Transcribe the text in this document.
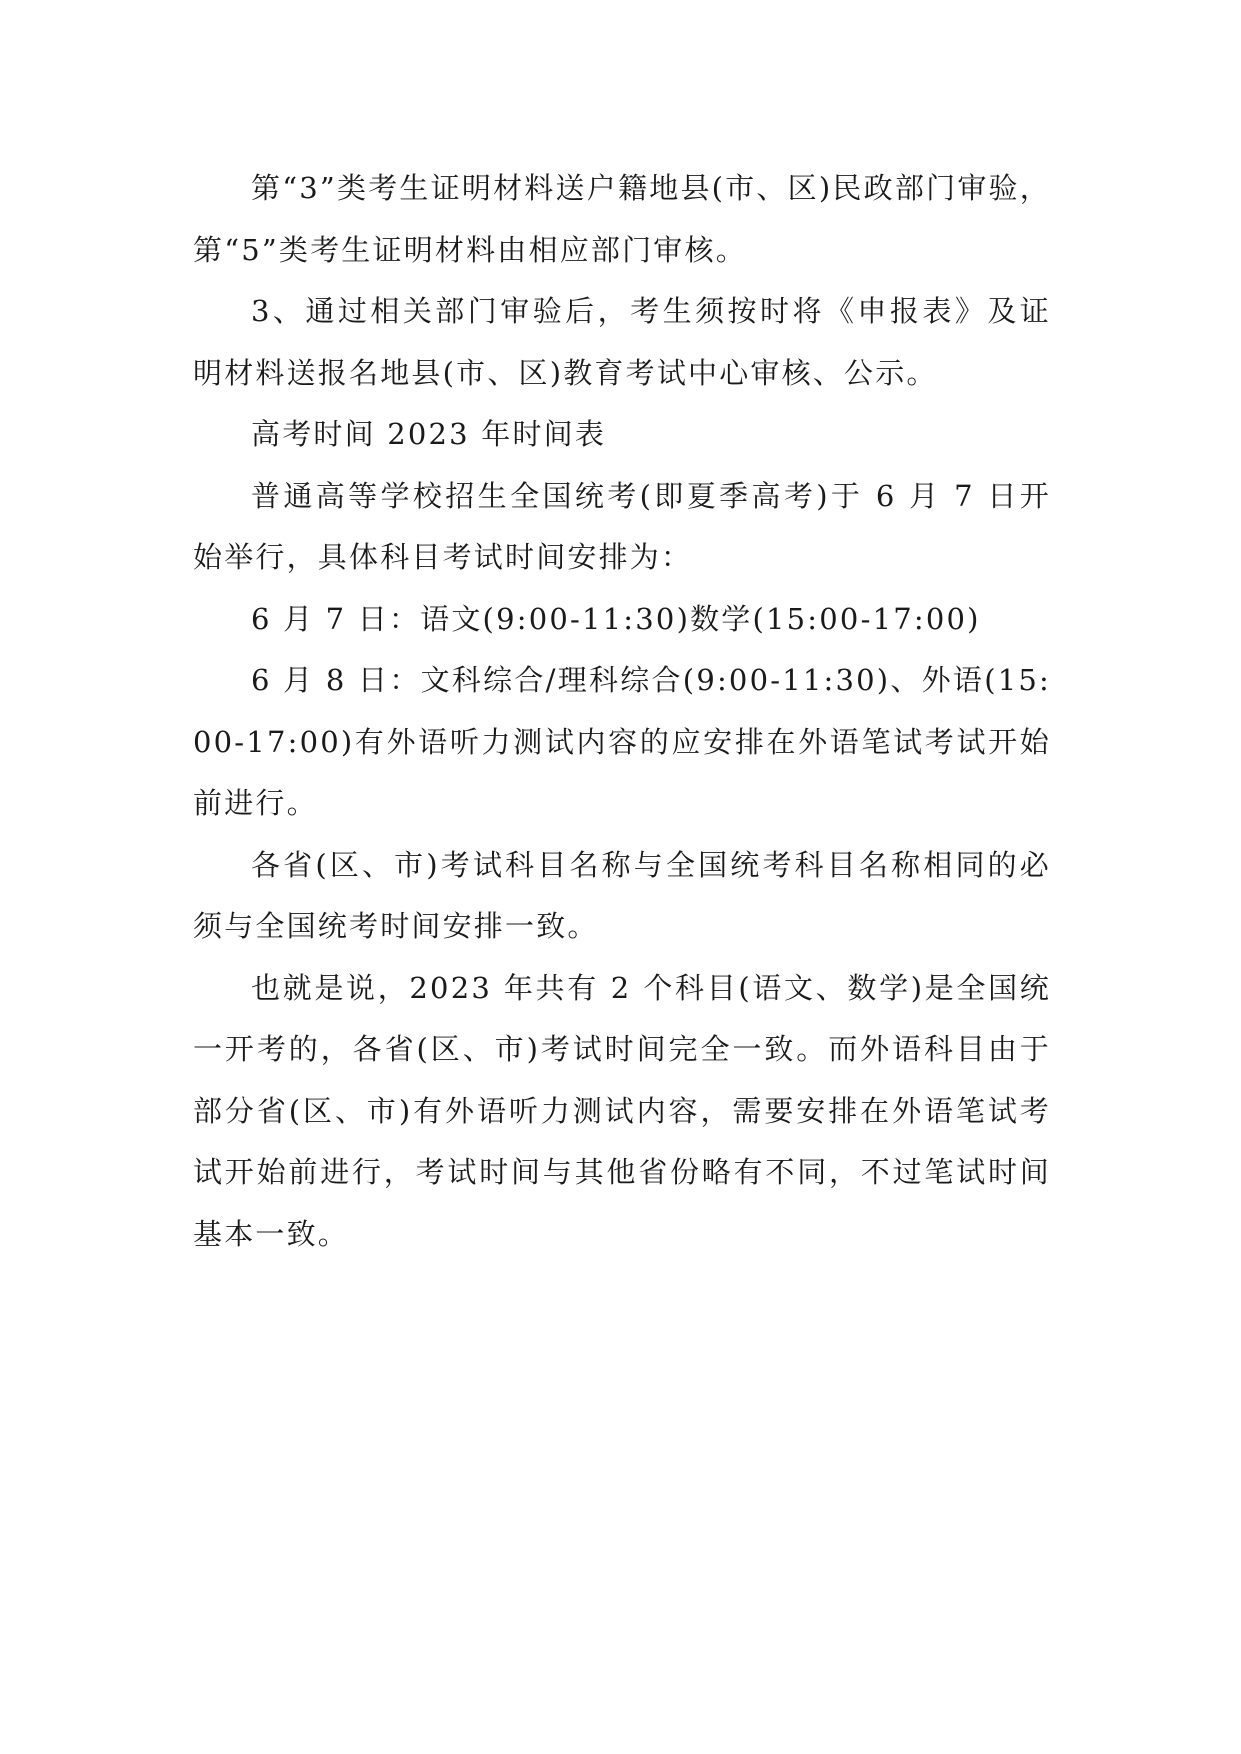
第“3”类考生证明材料送户籍地县(市、区)民政部门审验，第“5”类考生证明材料由相应部门审核。

3、通过相关部门审验后，考生须按时将《申报表》及证明材料送报名地县(市、区)教育考试中心审核、公示。

高考时间 2023 年时间表

普通高等学校招生全国统考(即夏季高考)于 6 月 7 日开始举行，具体科目考试时间安排为：

6 月 7 日：语文(9:00-11:30)数学(15:00-17:00)

6 月 8 日：文科综合/理科综合(9:00-11:30)、外语(15:00-17:00)有外语听力测试内容的应安排在外语笔试考试开始前进行。

各省(区、市)考试科目名称与全国统考科目名称相同的必须与全国统考时间安排一致。

也就是说，2023 年共有 2 个科目(语文、数学)是全国统一开考的，各省(区、市)考试时间完全一致。而外语科目由于部分省(区、市)有外语听力测试内容，需要安排在外语笔试考试开始前进行，考试时间与其他省份略有不同，不过笔试时间基本一致。
